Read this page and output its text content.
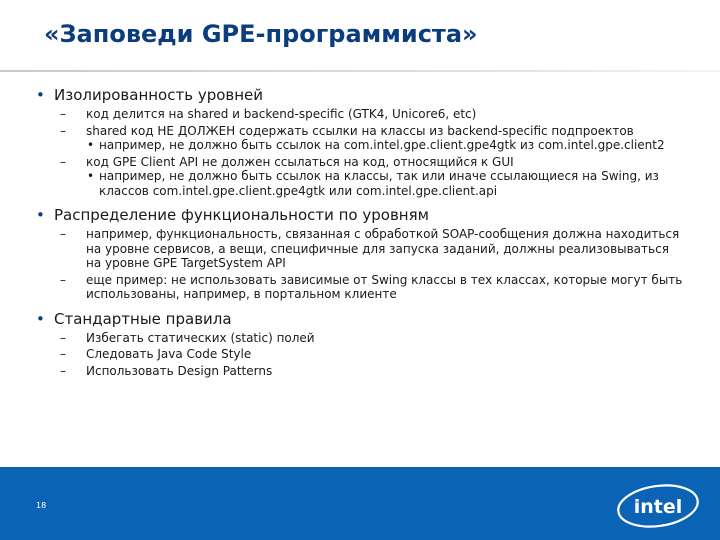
«Заповеди GPE-программиста»
• Изолированность уровней
– код делится на shared и backend-specific (GTK4, Unicore6, etc)
– shared код НЕ ДОЛЖЕН содержать ссылки на классы из backend-specific подпроектов
• например, не должно быть ссылок на com.intel.gpe.client.gpe4gtk из com.intel.gpe.client2
– код GPE Client API не должен ссылаться на код, относящийся к GUI
• например, не должно быть ссылок на классы, так или иначе ссылающиеся на Swing, из классов com.intel.gpe.client.gpe4gtk или com.intel.gpe.client.api
• Распределение функциональности по уровням
– например, функциональность, связанная с обработкой SOAP-сообщения должна находиться на уровне сервисов, а вещи, специфичные для запуска заданий, должны реализовываться на уровне GPE TargetSystem API
– еще пример: не использовать зависимые от Swing классы в тех классах, которые могут быть использованы, например, в портальном клиенте
• Стандартные правила
– Избегать статических (static) полей
– Следовать Java Code Style
– Использовать Design Patterns
18	intel
